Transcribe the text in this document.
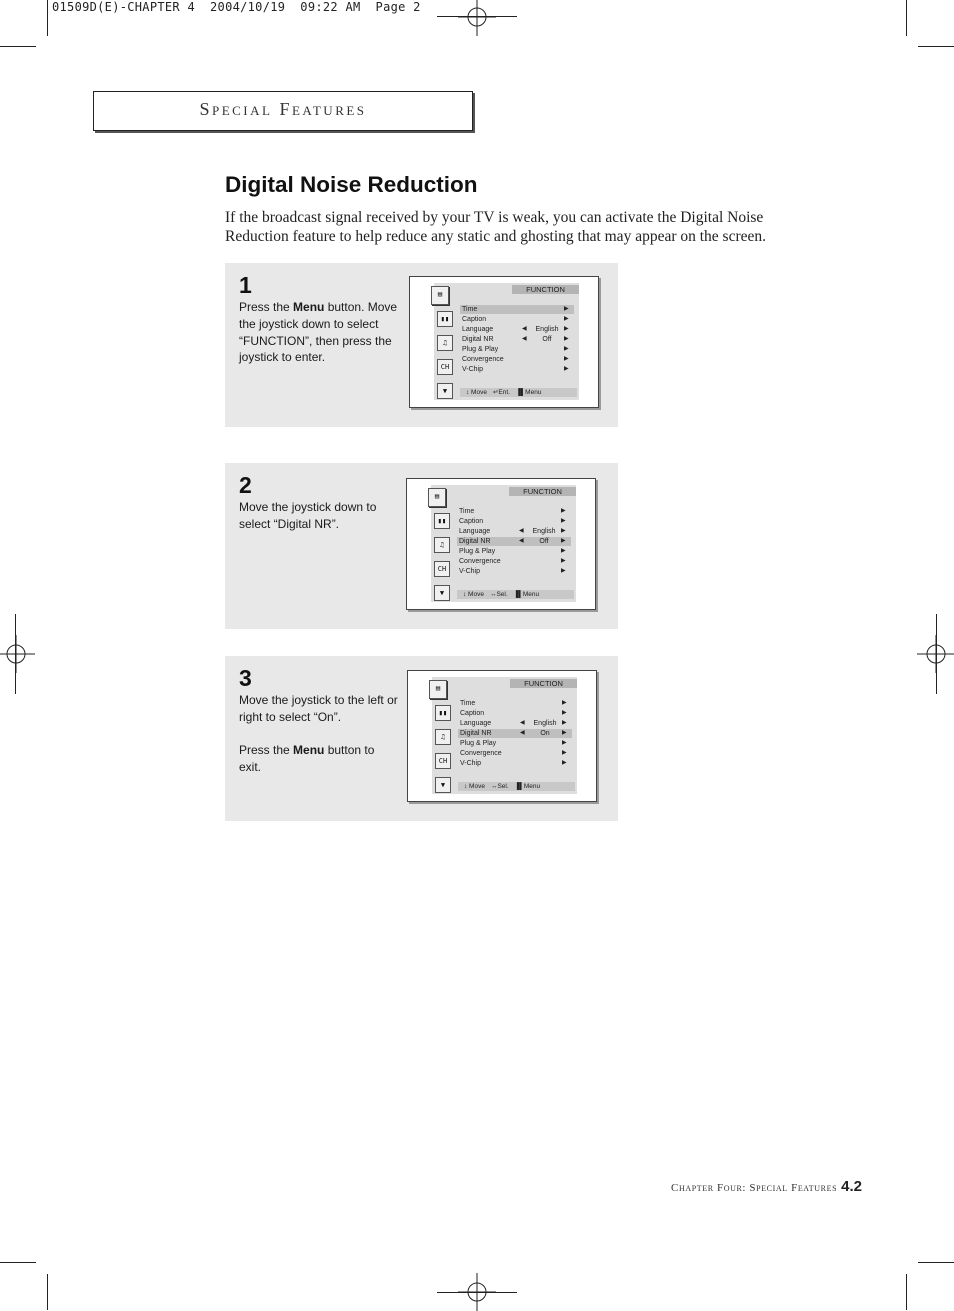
01509D(E)-CHAPTER 4  2004/10/19  09:22 AM  Page 2
Special Features
Digital Noise Reduction

If the broadcast signal received by your TV is weak, you can activate the Digital Noise Reduction feature to help reduce any static and ghosting that may appear on the screen.

1

Press the Menu button. Move the joystick down to select “FUNCTION”, then press the joystick to enter.

▤
▮▮
♫
CH
▼
FUNCTION
Time	▶
Caption	▶
Language	◀	English ▶
Digital NR	◀	Off	▶
Plug & Play	▶
Convergence	▶
V-Chip	▶
↕ Move ↵Ent. ▐▌Menu
2

Move the joystick down to select “Digital NR”.

▤
▮▮
♫
CH
▼
FUNCTION
Time	▶
Caption	▶
Language	◀	English ▶
Digital NR	◀	Off	▶
Plug & Play	▶
Convergence	▶
V-Chip	▶
↕ Move ↔Sel. ▐▌Menu
3

Move the joystick to the left or right to select “On”.

Press the Menu button to exit.

▤
▮▮
♫
CH
▼
FUNCTION
Time	▶
Caption	▶
Language	◀	English ▶
Digital NR	◀	On	▶
Plug & Play	▶
Convergence	▶
V-Chip	▶
↕ Move ↔Sel. ▐▌Menu
Chapter Four: Special Features 4.2
